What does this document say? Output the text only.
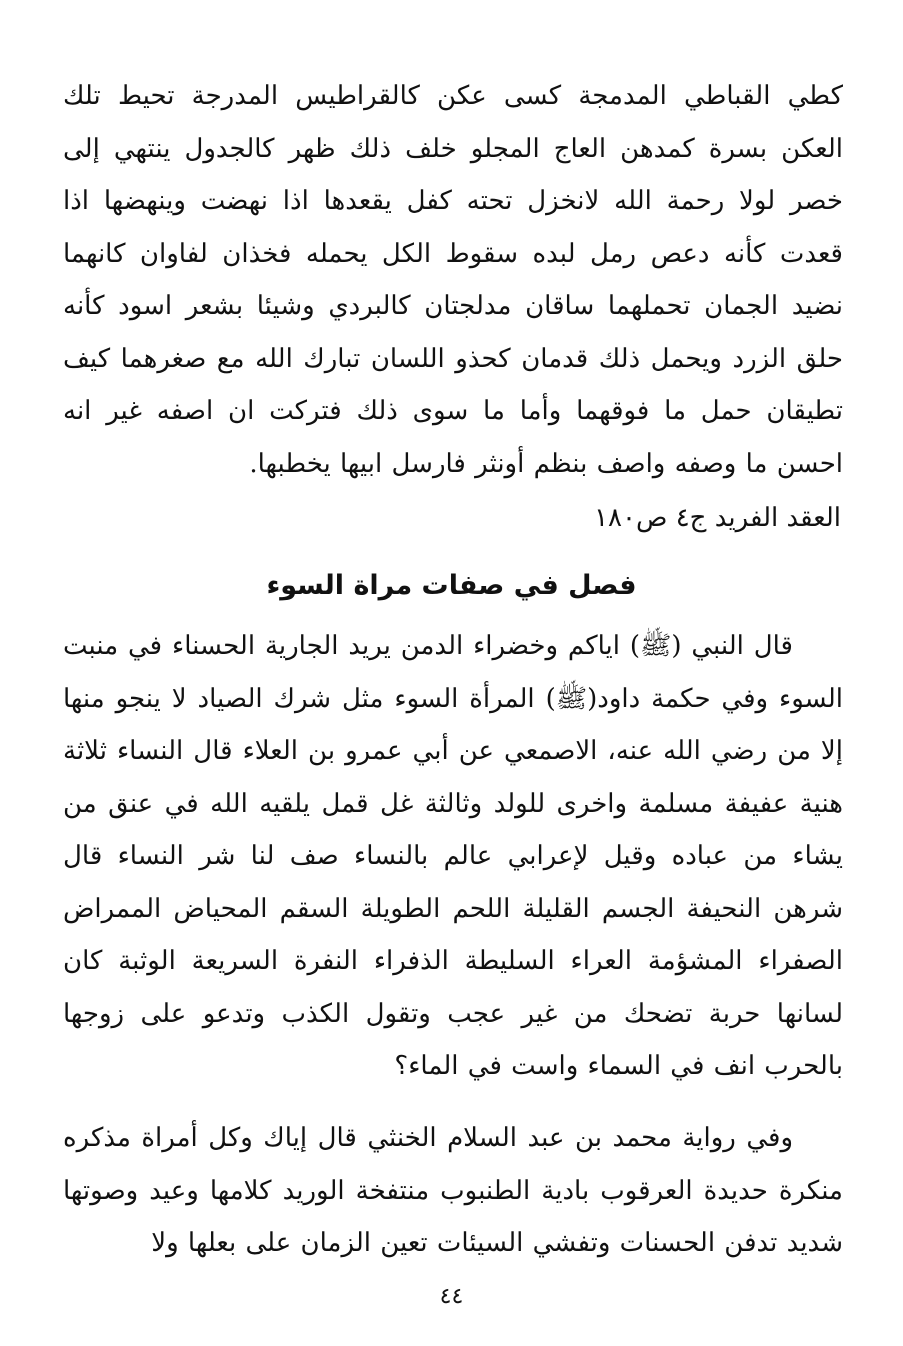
كطي القباطي المدمجة كسى عكن كالقراطيس المدرجة تحيط تلك العكن بسرة كمدهن العاج المجلو خلف ذلك ظهر كالجدول ينتهي إلى خصر لولا رحمة الله لانخزل تحته كفل يقعدها اذا نهضت وينهضها اذا قعدت كأنه دعص رمل لبده سقوط الكل يحمله فخذان لفاوان كانهما نضيد الجمان تحملهما ساقان مدلجتان كالبردي وشيئا بشعر اسود كأنه حلق الزرد ويحمل ذلك قدمان كحذو اللسان تبارك الله مع صغرهما كيف تطيقان حمل ما فوقهما وأما ما سوى ذلك فتركت ان اصفه غير انه احسن ما وصفه واصف بنظم أونثر فارسل ابيها يخطبها.

العقد الفريد ج٤ ص١٨٠
فصل في صفات مراة السوء

قال النبي (ﷺ) اياكم وخضراء الدمن يريد الجارية الحسناء في منبت السوء وفي حكمة داود(ﷺ) المرأة السوء مثل شرك الصياد لا ينجو منها إلا من رضي الله عنه، الاصمعي عن أبي عمرو بن العلاء قال النساء ثلاثة هنية عفيفة مسلمة واخرى للولد وثالثة غل قمل يلقيه الله في عنق من يشاء من عباده وقيل لإعرابي عالم بالنساء صف لنا شر النساء قال شرهن النحيفة الجسم القليلة اللحم الطويلة السقم المحياض الممراض الصفراء المشؤمة العراء السليطة الذفراء النفرة السريعة الوثبة كان لسانها حربة تضحك من غير عجب وتقول الكذب وتدعو على زوجها بالحرب انف في السماء واست في الماء؟

وفي رواية محمد بن عبد السلام الخنثي قال إياك وكل أمراة مذكره منكرة حديدة العرقوب بادية الطنبوب منتفخة الوريد كلامها وعيد وصوتها شديد تدفن الحسنات وتفشي السيئات تعين الزمان على بعلها ولا

٤٤
